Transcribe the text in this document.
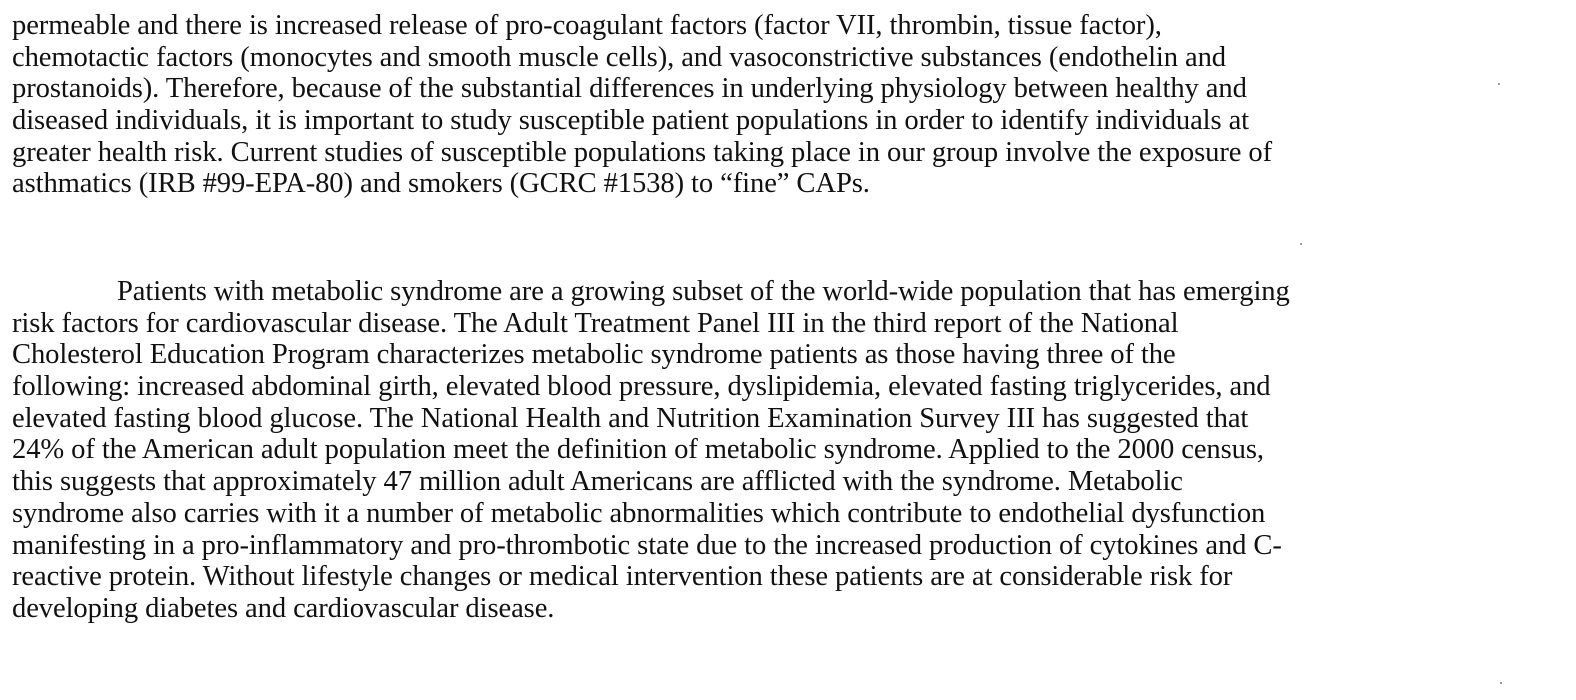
permeable and there is increased release of pro-coagulant factors (factor VII, thrombin, tissue factor),
chemotactic factors (monocytes and smooth muscle cells), and vasoconstrictive substances (endothelin and
prostanoids). Therefore, because of the substantial differences in underlying physiology between healthy and
diseased individuals, it is important to study susceptible patient populations in order to identify individuals at
greater health risk. Current studies of susceptible populations taking place in our group involve the exposure of
asthmatics (IRB #99-EPA-80) and smokers (GCRC #1538) to “fine” CAPs.
Patients with metabolic syndrome are a growing subset of the world-wide population that has emerging
risk factors for cardiovascular disease. The Adult Treatment Panel III in the third report of the National
Cholesterol Education Program characterizes metabolic syndrome patients as those having three of the
following: increased abdominal girth, elevated blood pressure, dyslipidemia, elevated fasting triglycerides, and
elevated fasting blood glucose. The National Health and Nutrition Examination Survey III has suggested that
24% of the American adult population meet the definition of metabolic syndrome. Applied to the 2000 census,
this suggests that approximately 47 million adult Americans are afflicted with the syndrome. Metabolic
syndrome also carries with it a number of metabolic abnormalities which contribute to endothelial dysfunction
manifesting in a pro-inflammatory and pro-thrombotic state due to the increased production of cytokines and C-
reactive protein. Without lifestyle changes or medical intervention these patients are at considerable risk for
developing diabetes and cardiovascular disease.
